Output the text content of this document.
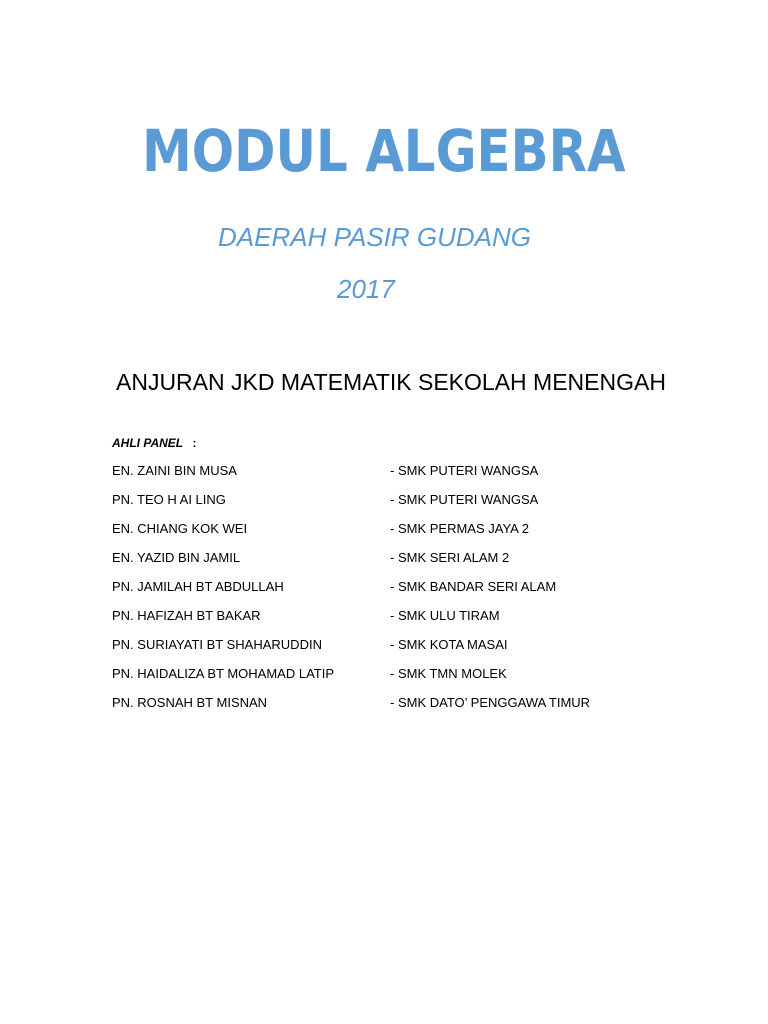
MODUL ALGEBRA
DAERAH PASIR GUDANG
2017
ANJURAN JKD MATEMATIK SEKOLAH MENENGAH
AHLI PANEL :
EN. ZAINI BIN MUSA	- SMK PUTERI WANGSA
PN. TEO H AI LING	- SMK PUTERI WANGSA
EN. CHIANG KOK WEI	- SMK PERMAS JAYA 2
EN. YAZID BIN JAMIL	- SMK SERI ALAM 2
PN. JAMILAH BT ABDULLAH	- SMK BANDAR SERI ALAM
PN. HAFIZAH BT BAKAR	- SMK ULU TIRAM
PN. SURIAYATI BT SHAHARUDDIN	- SMK KOTA MASAI
PN. HAIDALIZA BT MOHAMAD LATIP	- SMK TMN MOLEK
PN. ROSNAH BT MISNAN	- SMK DATO’ PENGGAWA TIMUR
